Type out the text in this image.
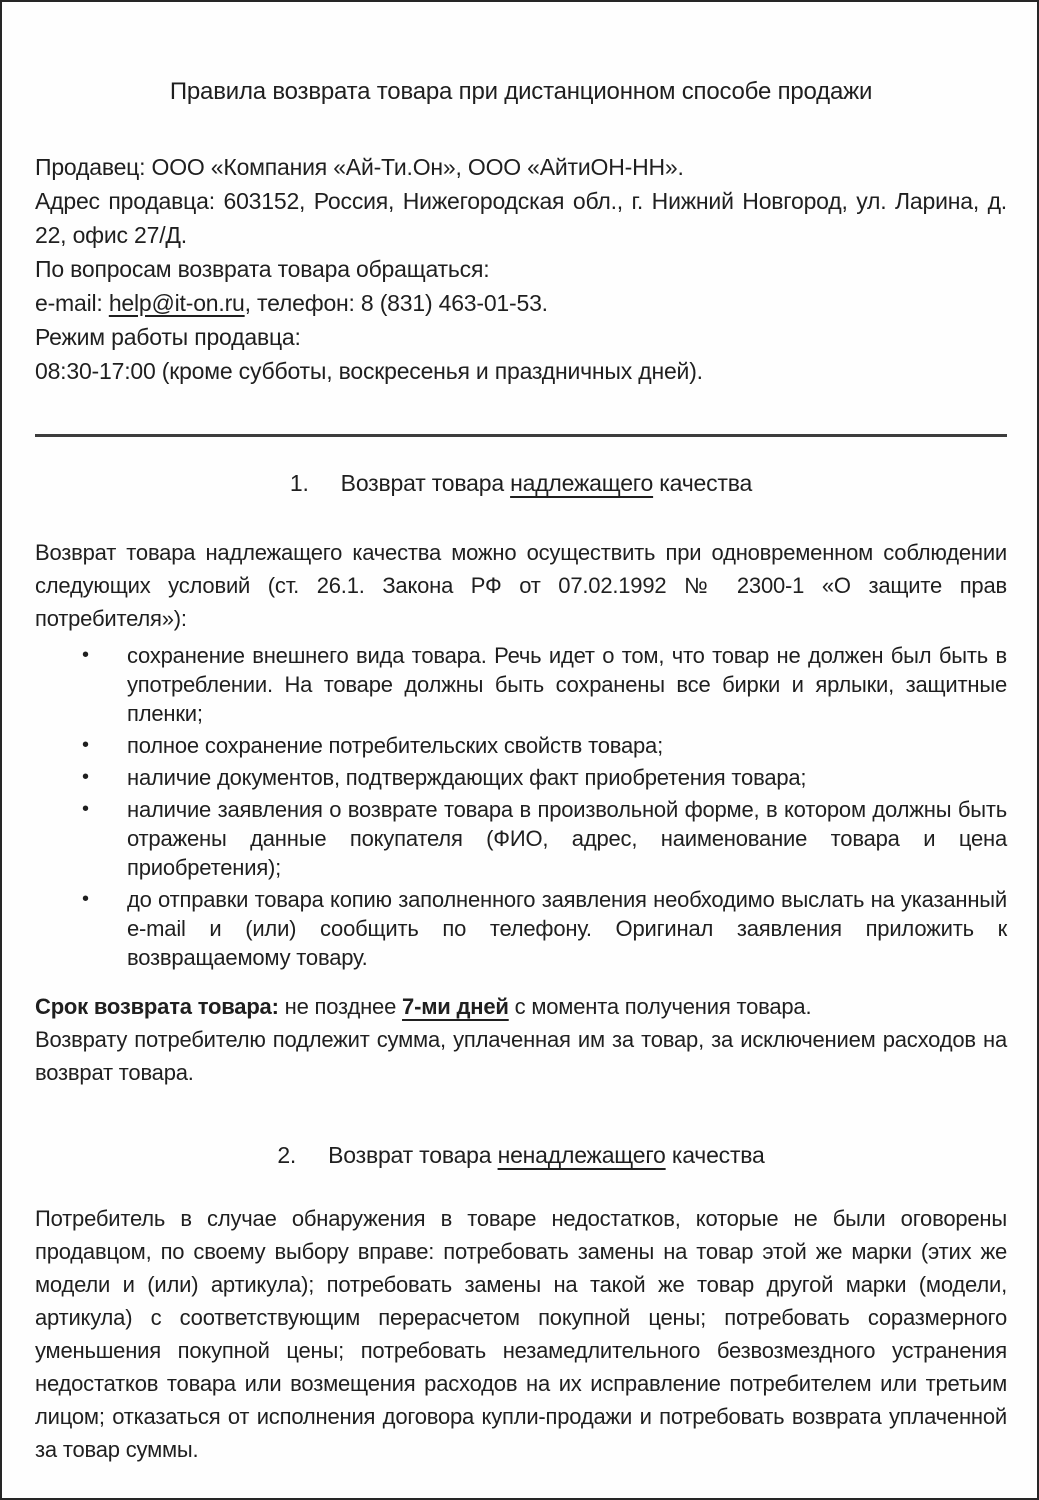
Правила возврата товара при дистанционном способе продажи

Продавец: ООО «Компания «Ай-Ти.Он», ООО «АйтиОН-НН».

Адрес продавца: 603152, Россия, Нижегородская обл., г. Нижний Новгород, ул. Ларина, д. 22, офис 27/Д.

По вопросам возврата товара обращаться:

e-mail: help@it-on.ru, телефон: 8 (831) 463-01-53.

Режим работы продавца:

08:30-17:00 (кроме субботы, воскресенья и праздничных дней).

1. Возврат товара надлежащего качества

Возврат товара надлежащего качества можно осуществить при одновременном соблюдении следующих условий (ст. 26.1. Закона РФ от 07.02.1992 № 2300-1 «О защите прав потребителя»):

• сохранение внешнего вида товара. Речь идет о том, что товар не должен был быть в употреблении. На товаре должны быть сохранены все бирки и ярлыки, защитные пленки;
• полное сохранение потребительских свойств товара;
• наличие документов, подтверждающих факт приобретения товара;
• наличие заявления о возврате товара в произвольной форме, в котором должны быть отражены данные покупателя (ФИО, адрес, наименование товара и цена приобретения);
• до отправки товара копию заполненного заявления необходимо выслать на указанный e-mail и (или) сообщить по телефону. Оригинал заявления приложить к возвращаемому товару.

Срок возврата товара: не позднее 7-ми дней с момента получения товара.

Возврату потребителю подлежит сумма, уплаченная им за товар, за исключением расходов на возврат товара.

2. Возврат товара ненадлежащего качества

Потребитель в случае обнаружения в товаре недостатков, которые не были оговорены продавцом, по своему выбору вправе: потребовать замены на товар этой же марки (этих же модели и (или) артикула); потребовать замены на такой же товар другой марки (модели, артикула) с соответствующим перерасчетом покупной цены; потребовать соразмерного уменьшения покупной цены; потребовать незамедлительного безвозмездного устранения недостатков товара или возмещения расходов на их исправление потребителем или третьим лицом; отказаться от исполнения договора купли-продажи и потребовать возврата уплаченной за товар суммы.
